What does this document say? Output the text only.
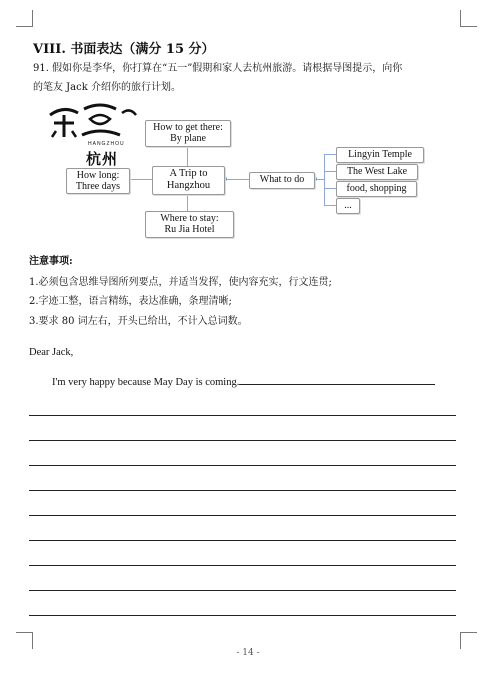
VIII. 书面表达（满分 15 分）
91. 假如你是李华，你打算在“五一”假期和家人去杭州旅游。请根据导图提示，向你
的笔友 Jack 介绍你的旅行计划。
HANGZHOU
杭州
How to get there:
By plane
A Trip to
Hangzhou
How long:
Three days
Where to stay:
Ru Jia Hotel
What to do
Lingyin Temple
The West Lake
food, shopping
...
注意事项:
1.必须包含思维导图所列要点，并适当发挥，使内容充实，行文连贯;
2.字迹工整，语言精练，表达准确，条理清晰;
3.要求 80 词左右，开头已给出，不计入总词数。
Dear Jack,
I'm very happy because May Day is coming.
- 14 -
